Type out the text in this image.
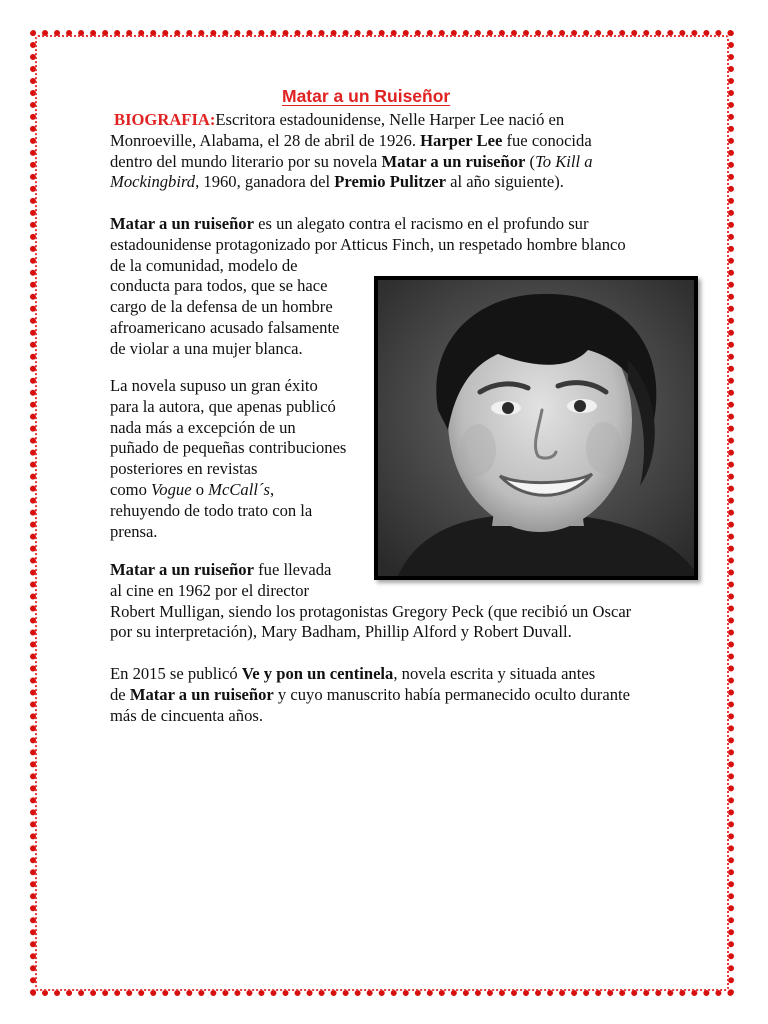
Matar a un Ruiseñor

BIOGRAFIA:Escritora estadounidense, Nelle Harper Lee nació en

Monroeville, Alabama, el 28 de abril de 1926. Harper Lee fue conocida

dentro del mundo literario por su novela Matar a un ruiseñor (To Kill a

Mockingbird, 1960, ganadora del Premio Pulitzer al año siguiente).

Matar a un ruiseñor es un alegato contra el racismo en el profundo sur

estadounidense protagonizado por Atticus Finch, un respetado hombre blanco

de la comunidad, modelo de

conducta para todos, que se hace

cargo de la defensa de un hombre

afroamericano acusado falsamente

de violar a una mujer blanca.

La novela supuso un gran éxito

para la autora, que apenas publicó

nada más a excepción de un

puñado de pequeñas contribuciones

posteriores en revistas

como Vogue o McCall´s,

rehuyendo de todo trato con la

prensa.

Matar a un ruiseñor fue llevada

al cine en 1962 por el director

Robert Mulligan, siendo los protagonistas Gregory Peck (que recibió un Oscar

por su interpretación), Mary Badham, Phillip Alford y Robert Duvall.

En 2015 se publicó Ve y pon un centinela, novela escrita y situada antes

de Matar a un ruiseñor y cuyo manuscrito había permanecido oculto durante

más de cincuenta años.
